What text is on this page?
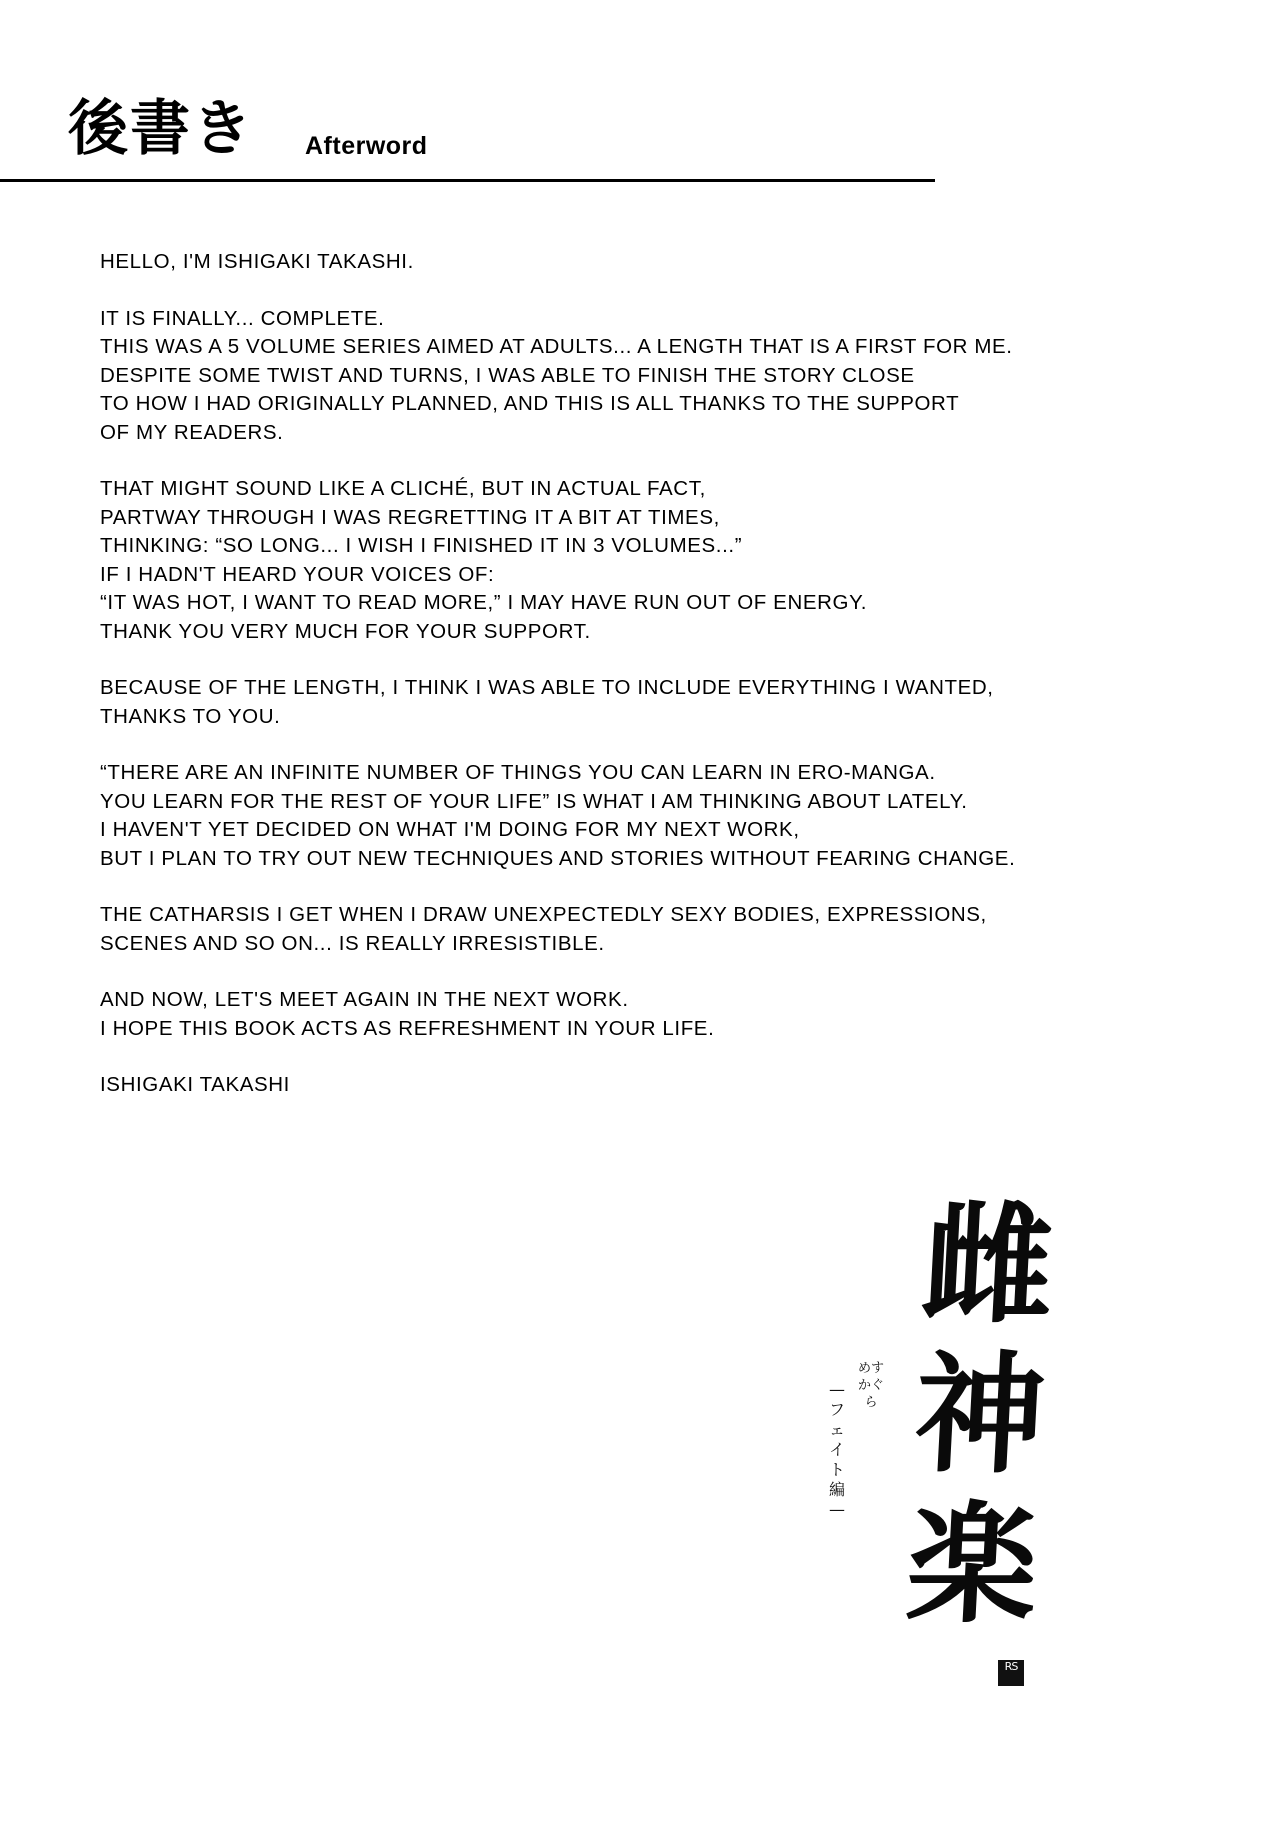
後書き Afterword
HELLO, I'M ISHIGAKI TAKASHI.
IT IS FINALLY... COMPLETE.
THIS WAS A 5 VOLUME SERIES AIMED AT ADULTS... A LENGTH THAT IS A FIRST FOR ME.
DESPITE SOME TWIST AND TURNS, I WAS ABLE TO FINISH THE STORY CLOSE
TO HOW I HAD ORIGINALLY PLANNED, AND THIS IS ALL THANKS TO THE SUPPORT
OF MY READERS.
THAT MIGHT SOUND LIKE A CLICHÉ, BUT IN ACTUAL FACT,
PARTWAY THROUGH I WAS REGRETTING IT A BIT AT TIMES,
THINKING: “SO LONG... I WISH I FINISHED IT IN 3 VOLUMES...”
IF I HADN'T HEARD YOUR VOICES OF:
“IT WAS HOT, I WANT TO READ MORE,” I MAY HAVE RUN OUT OF ENERGY.
THANK YOU VERY MUCH FOR YOUR SUPPORT.
BECAUSE OF THE LENGTH, I THINK I WAS ABLE TO INCLUDE EVERYTHING I WANTED,
THANKS TO YOU.
“THERE ARE AN INFINITE NUMBER OF THINGS YOU CAN LEARN IN ERO-MANGA.
YOU LEARN FOR THE REST OF YOUR LIFE” IS WHAT I AM THINKING ABOUT LATELY.
I HAVEN'T YET DECIDED ON WHAT I'M DOING FOR MY NEXT WORK,
BUT I PLAN TO TRY OUT NEW TECHNIQUES AND STORIES WITHOUT FEARING CHANGE.
THE CATHARSIS I GET WHEN I DRAW UNEXPECTEDLY SEXY BODIES, EXPRESSIONS,
SCENES AND SO ON... IS REALLY IRRESISTIBLE.
AND NOW, LET'S MEET AGAIN IN THE NEXT WORK.
I HOPE THIS BOOK ACTS AS REFRESHMENT IN YOUR LIFE.
ISHIGAKI TAKASHI
雌神 楽
めすかぐら
—フェイト編—
RS
